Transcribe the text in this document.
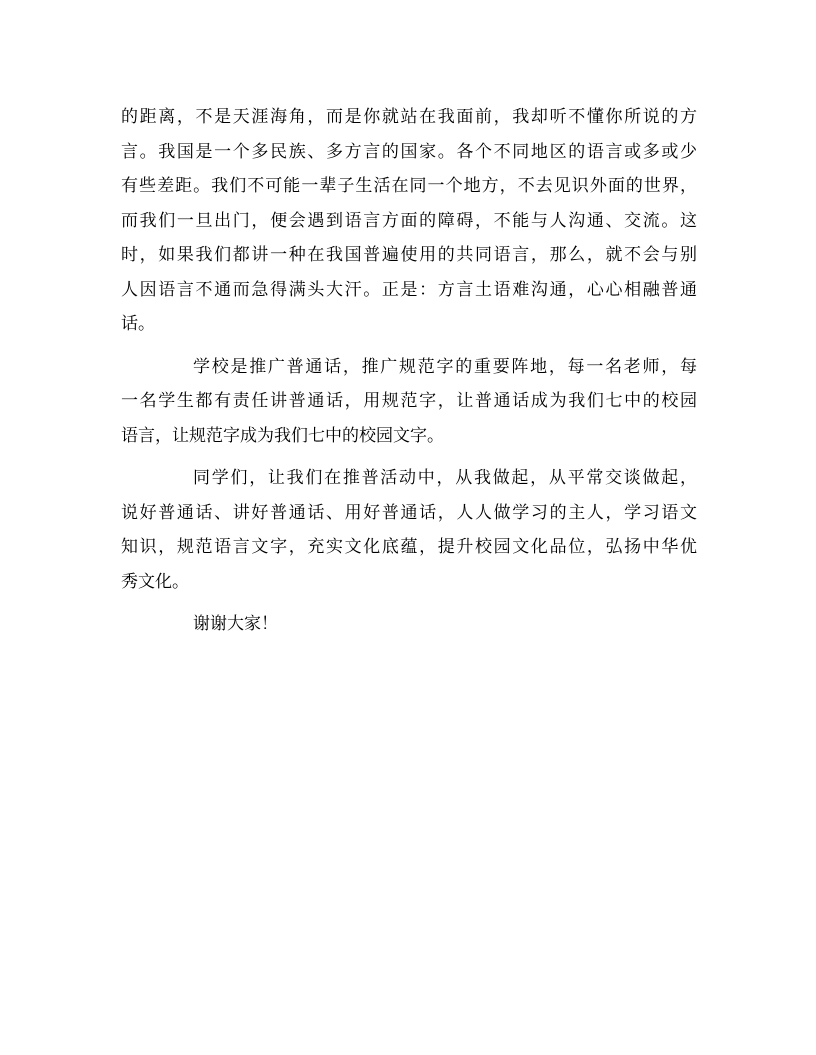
的距离，不是天涯海角，而是你就站在我面前，我却听不懂你所说的方
言。我国是一个多民族、多方言的国家。各个不同地区的语言或多或少
有些差距。我们不可能一辈子生活在同一个地方，不去见识外面的世界，
而我们一旦出门，便会遇到语言方面的障碍，不能与人沟通、交流。这
时，如果我们都讲一种在我国普遍使用的共同语言，那么，就不会与别
人因语言不通而急得满头大汗。正是：方言土语难沟通，心心相融普通
话。
学校是推广普通话，推广规范字的重要阵地，每一名老师，每
一名学生都有责任讲普通话，用规范字，让普通话成为我们七中的校园
语言，让规范字成为我们七中的校园文字。
同学们，让我们在推普活动中，从我做起，从平常交谈做起，
说好普通话、讲好普通话、用好普通话，人人做学习的主人，学习语文
知识，规范语言文字，充实文化底蕴，提升校园文化品位，弘扬中华优
秀文化。
谢谢大家！
